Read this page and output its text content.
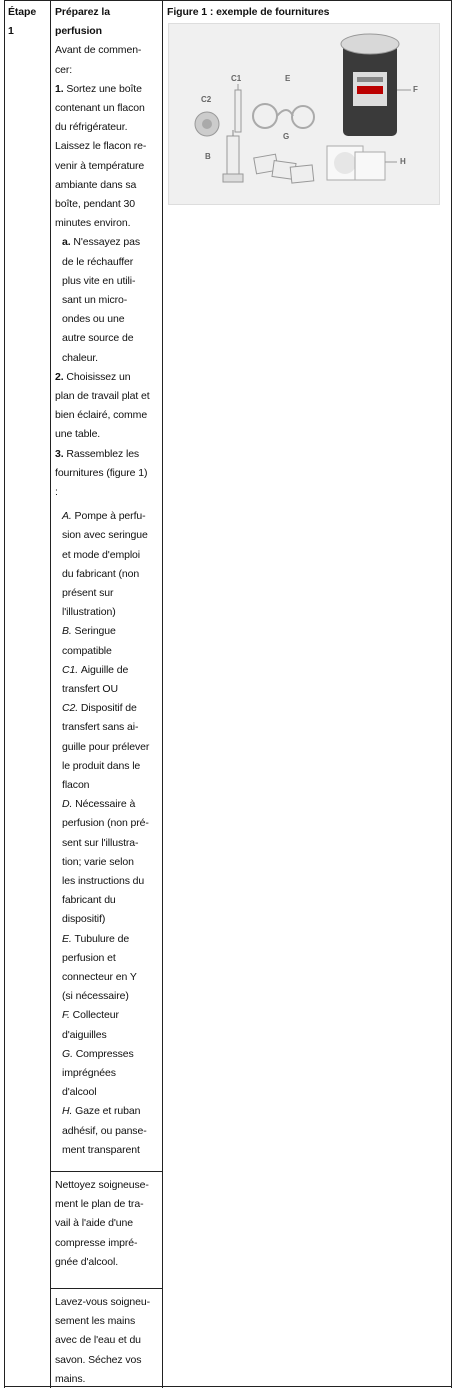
Étape
1
Préparez la
perfusion
Avant de commen-
cer:
1. Sortez une boîte
contenant un flacon
du réfrigérateur.
Laissez le flacon re-
venir à température
ambiante dans sa
boîte, pendant 30
minutes environ.
a. N'essayez pas
de le réchauffer
plus vite en utili-
sant un micro-
ondes ou une
autre source de
chaleur.
2. Choisissez un
plan de travail plat et
bien éclairé, comme
une table.
3. Rassemblez les
fournitures (figure 1)
:
A. Pompe à perfu-
sion avec seringue
et mode d'emploi
du fabricant (non
présent sur
l'illustration)
B. Seringue
compatible
C1. Aiguille de
transfert OU
C2. Dispositif de
transfert sans ai-
guille pour prélever
le produit dans le
flacon
D. Nécessaire à
perfusion (non pré-
sent sur l'illustra-
tion; varie selon
les instructions du
fabricant du
dispositif)
E. Tubulure de
perfusion et
connecteur en Y
(si nécessaire)
F. Collecteur
d'aiguilles
G. Compresses
imprégnées
d'alcool
H. Gaze et ruban
adhésif, ou panse-
ment transparent
Nettoyez soigneuse-
ment le plan de tra-
vail à l'aide d'une
compresse impré-
gnée d'alcool.
Lavez-vous soigneu-
sement les mains
avec de l'eau et du
savon. Séchez vos
mains.
Figure 1 : exemple de fournitures
C1
C2
E
F
B
G
H
